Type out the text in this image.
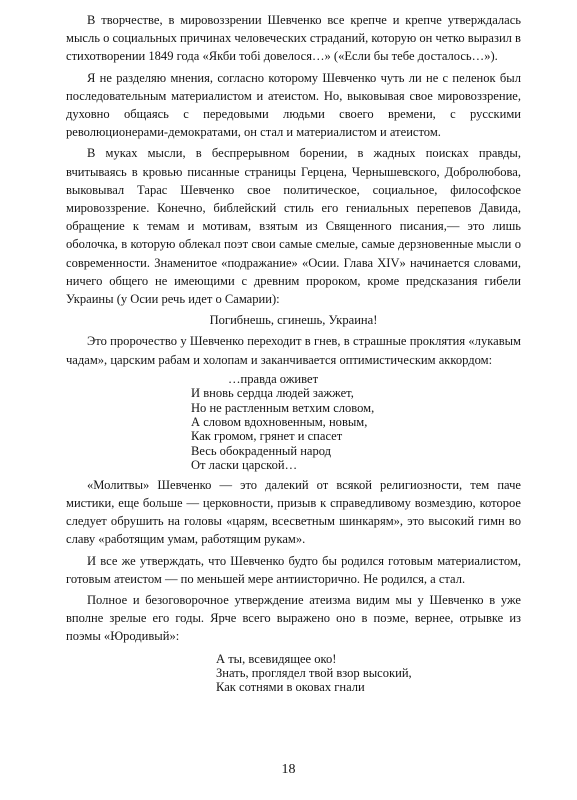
В творчестве, в мировоззрении Шевченко все крепче и крепче утверждалась мысль о социальных причинах человеческих страданий, которую он четко выразил в стихотворении 1849 года «Якби тобі довелося…» («Если бы тебе досталось…»).

Я не разделяю мнения, согласно которому Шевченко чуть ли не с пеленок был последовательным материалистом и атеистом. Но, выковывая свое мировоззрение, духовно общаясь с передовыми людьми своего времени, с русскими революционерами-демократами, он стал и материалистом и атеистом.

В муках мысли, в беспрерывном борении, в жадных поисках правды, вчитываясь в кровью писанные страницы Герцена, Чернышевского, Добролюбова, выковывал Тарас Шевченко свое политическое, социальное, философское мировоззрение. Конечно, библейский стиль его гениальных перепевов Давида, обращение к темам и мотивам, взятым из Священного писания,— это лишь оболочка, в которую облекал поэт свои самые смелые, самые дерзновенные мысли о современности. Знаменитое «подражание» «Осии. Глава XIV» начинается словами, ничего общего не имеющими с древним пророком, кроме предсказания гибели Украины (у Осии речь идет о Самарии):

Погибнешь, сгинешь, Украина!

Это пророчество у Шевченко переходит в гнев, в страшные проклятия «лукавым чадам», царским рабам и холопам и заканчивается оптимистическим аккордом:

…правда оживет
И вновь сердца людей зажжет,
Но не растленным ветхим словом,
А словом вдохновенным, новым,
Как громом, грянет и спасет
Весь обокраденный народ
От ласки царской…

«Молитвы» Шевченко — это далекий от всякой религиозности, тем паче мистики, еще больше — церковности, призыв к справедливому возмездию, которое следует обрушить на головы «царям, всесветным шинкарям», это высокий гимн во славу «работящим умам, работящим рукам».

И все же утверждать, что Шевченко будто бы родился готовым материалистом, готовым атеистом — по меньшей мере антиисторично. Не родился, а стал.

Полное и безоговорочное утверждение атеизма видим мы у Шевченко в уже вполне зрелые его годы. Ярче всего выражено оно в поэме, вернее, отрывке из поэмы «Юродивый»:

А ты, всевидящее око!
Знать, проглядел твой взор высокий,
Как сотнями в оковах гнали
18
